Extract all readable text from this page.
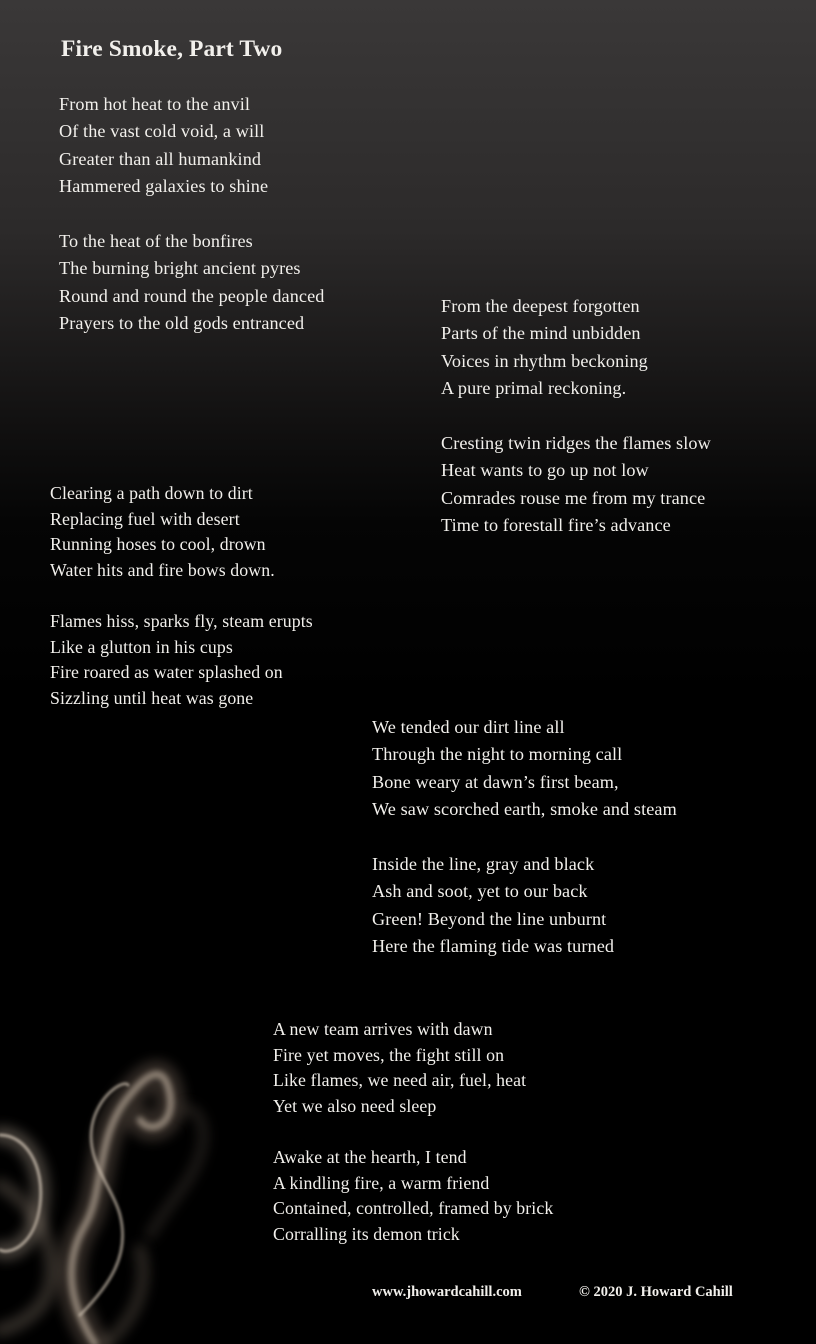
Fire Smoke, Part Two
From hot heat to the anvil
Of the vast cold void, a will
Greater than all humankind
Hammered galaxies to shine
To the heat of the bonfires
The burning bright ancient pyres
Round and round the people danced
Prayers to the old gods entranced
From the deepest forgotten
Parts of the mind unbidden
Voices in rhythm beckoning
A pure primal reckoning.
Cresting twin ridges the flames slow
Heat wants to go up not low
Comrades rouse me from my trance
Time to forestall fire’s advance
Clearing a path down to dirt
Replacing fuel with desert
Running hoses to cool, drown
Water hits and fire bows down.
Flames hiss, sparks fly, steam erupts
Like a glutton in his cups
Fire roared as water splashed on
Sizzling until heat was gone
We tended our dirt line all
Through the night to morning call
Bone weary at dawn’s first beam,
We saw scorched earth, smoke and steam
Inside the line, gray and black
Ash and soot, yet to our back
Green! Beyond the line unburnt
Here the flaming tide was turned
A new team arrives with dawn
Fire yet moves, the fight still on
Like flames, we need air, fuel, heat
Yet we also need sleep
Awake at the hearth, I tend
A kindling fire, a warm friend
Contained, controlled, framed by brick
Corralling its demon trick
www.jhowardcahill.com	© 2020 J. Howard Cahill
